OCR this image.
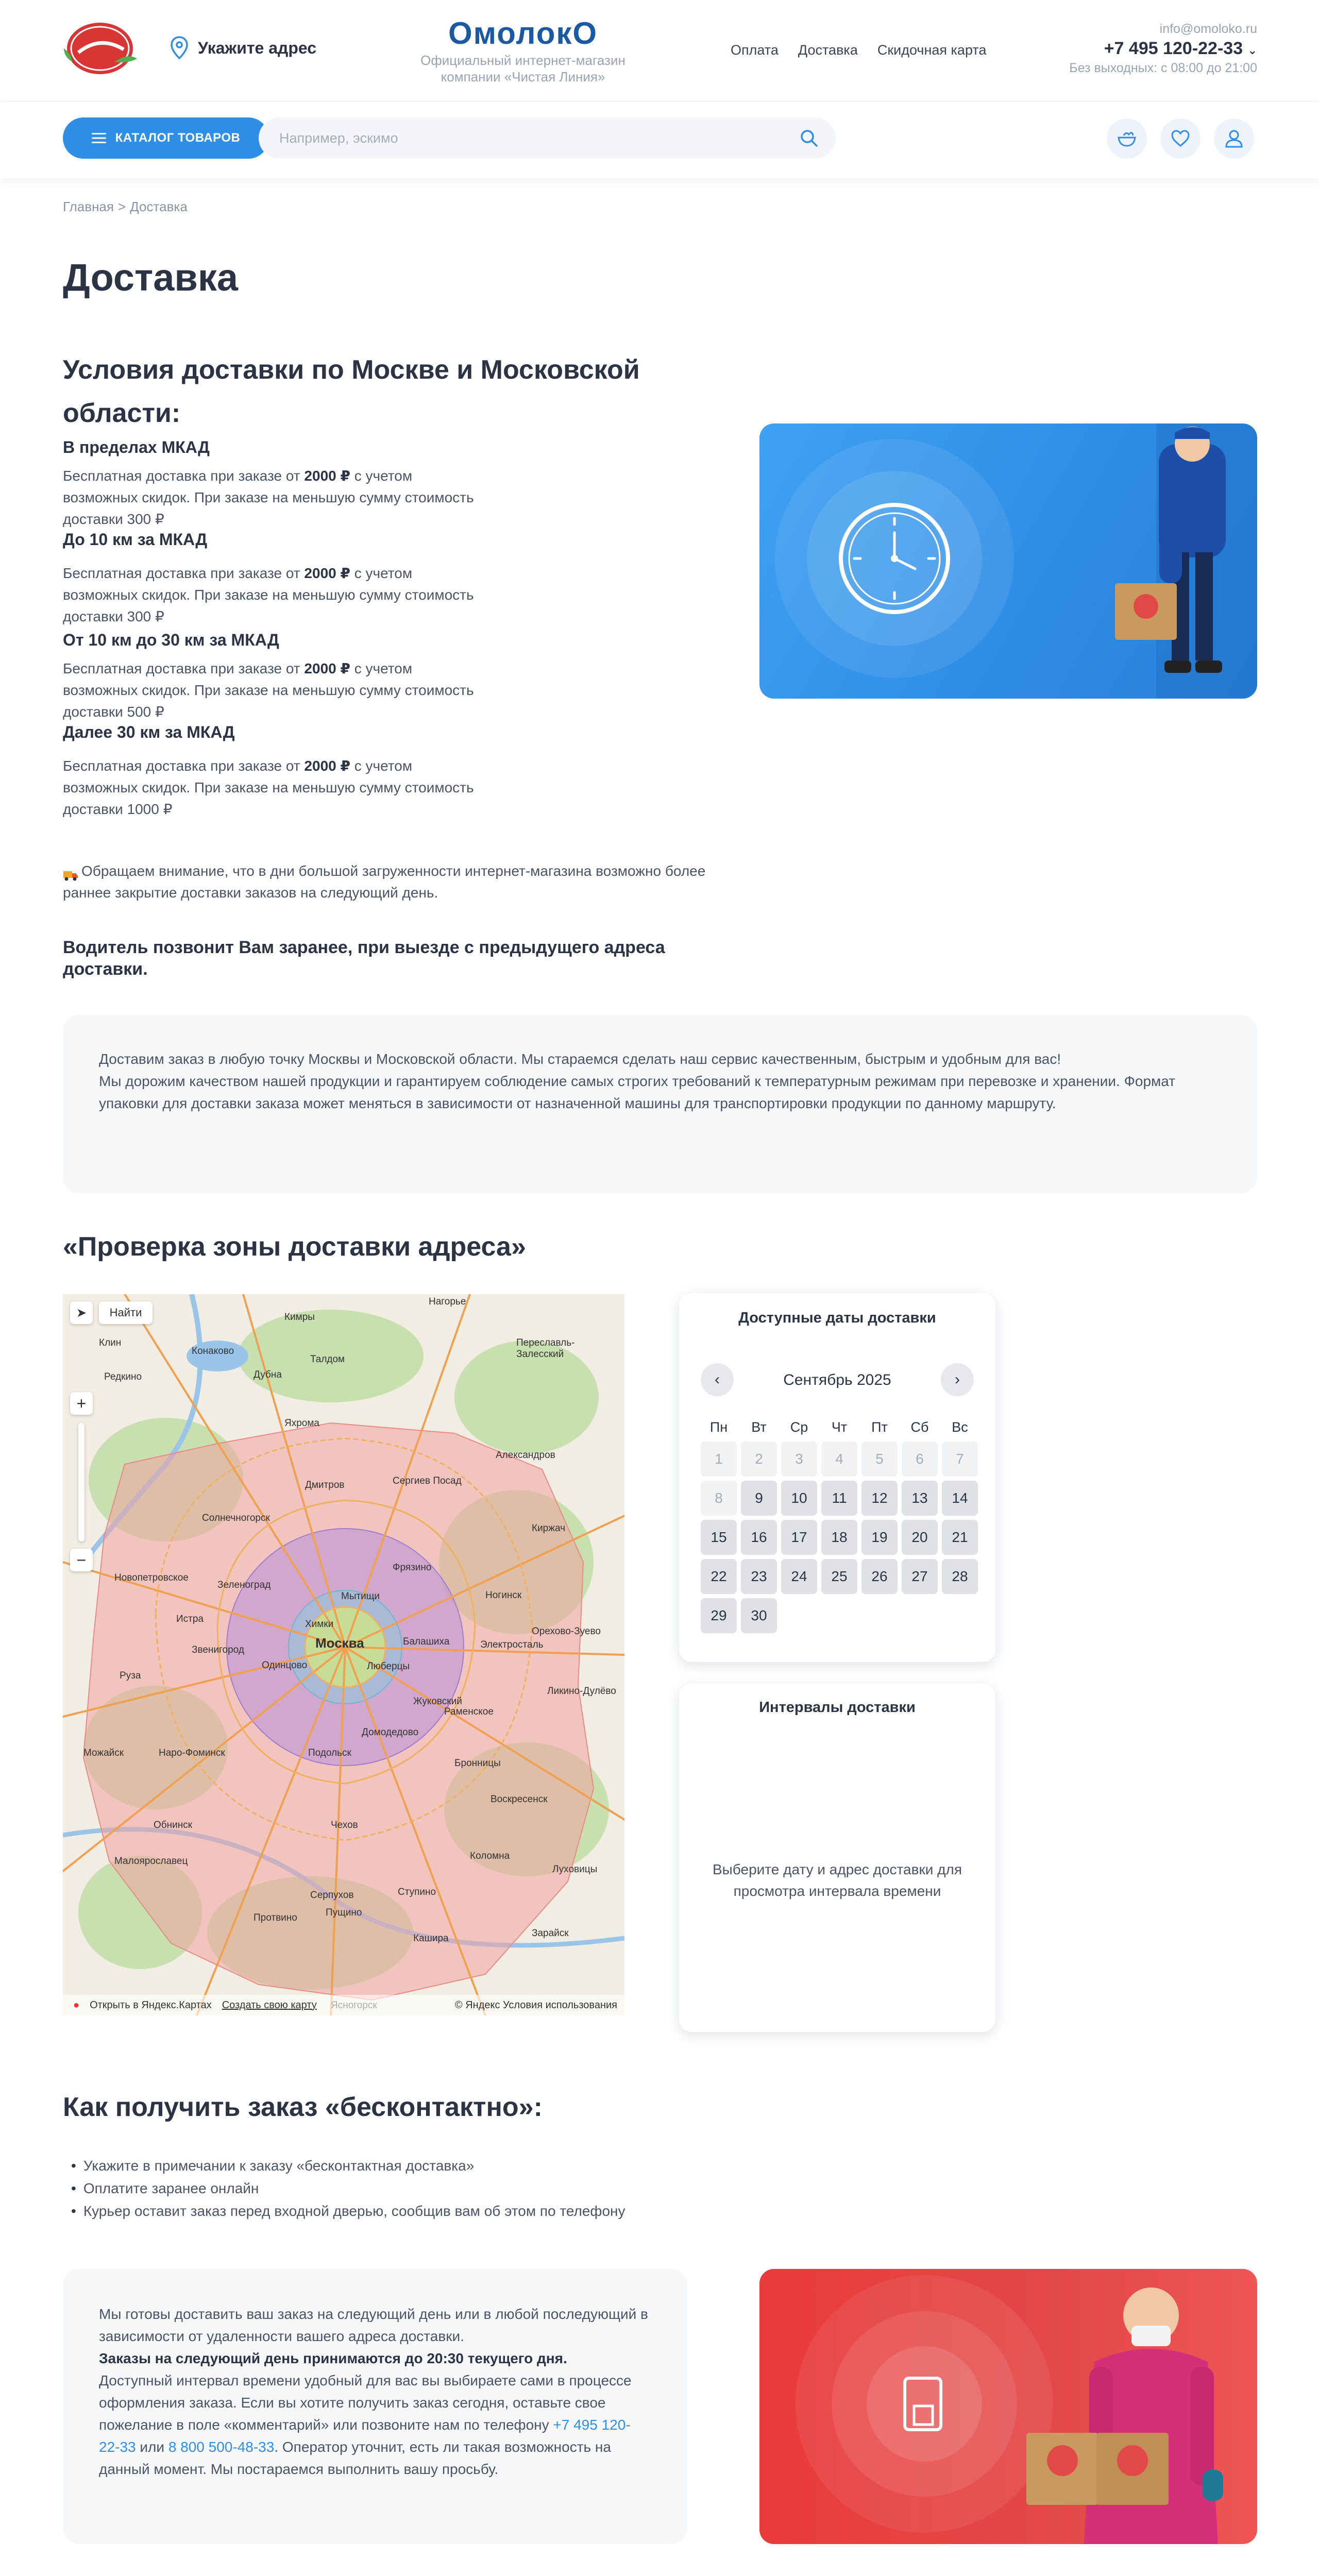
Укажите адрес	ОмолокО
Официальный интернет-магазин компании «Чистая Линия»
Оплата Доставка Скидочная карта
info@omoloko.ru
+7 495 120-22-33 ⌄
Без выходных: с 08:00 до 21:00
КАТАЛОГ ТОВАРОВ
Например, эскимо
Главная > Доставка
Доставка
Условия доставки по Москве и Московской области:
В пределах МКАД
Бесплатная доставка при заказе от 2000 ₽ с учетом возможных скидок. При заказе на меньшую сумму стоимость доставки 300 ₽
До 10 км за МКАД
Бесплатная доставка при заказе от 2000 ₽ с учетом возможных скидок. При заказе на меньшую сумму стоимость доставки 300 ₽
От 10 км до 30 км за МКАД
Бесплатная доставка при заказе от 2000 ₽ с учетом возможных скидок. При заказе на меньшую сумму стоимость доставки 500 ₽
Далее 30 км за МКАД
Бесплатная доставка при заказе от 2000 ₽ с учетом возможных скидок. При заказе на меньшую сумму стоимость доставки 1000 ₽
Обращаем внимание, что в дни большой загруженности интернет-магазина возможно более раннее закрытие доставки заказов на следующий день.
Водитель позвонит Вам заранее, при выезде с предыдущего адреса доставки.
Доставим заказ в любую точку Москвы и Московской области. Мы стараемся сделать наш сервис качественным, быстрым и удобным для вас!
Мы дорожим качеством нашей продукции и гарантируем соблюдение самых строгих требований к температурным режимам при перевозке и хранении. Формат упаковки для доставки заказа может меняться в зависимости от назначенной машины для транспортировки продукции по данному маршруту.
«Проверка зоны доставки адреса»
➤	Найти
+
−
Москва
Клин
Нагорье
Переславль-Залесский
Кимры
Редкино
Талдом
Дубна
Конаково
Дмитров	Сергиев Посад
Александров
Солнечногорск
Киржач
Зеленоград
Мытищи
Химки
Балашиха
Ногинск
Орехово-Зуево
Электросталь
Одинцово	Люберцы
Подольск
Раменское
Наро-Фоминск
Домодедово
Обнинск
Малоярославец
Протвино
Серпухов	Ступино
Коломна
Луховицы
Зарайск
Пущино
Кашира
Истра
Руза
Можайск
Бронницы
Воскресенск
Ликино-Дулёво
Яхрома
Звенигород
Новопетровское
Чехов
Жуковский
Фрязино
● Открыть в Яндекс.Картах Создать свою карту	© Яндекс Условия использования
Доступные даты доставки
‹	Сентябрь 2025	›
Пн	Вт	Ср	Чт	Пт	Сб	Вс
1	2	3	4	5	6	7
8	9	10	11	12	13	14
15	16	17	18	19	20	21
22	23	24	25	26	27	28
29	30
Интервалы доставки
Выберите дату и адрес доставки для просмотра интервала времени
Как получить заказ «бесконтактно»:
• Укажите в примечании к заказу «бесконтактная доставка»
• Оплатите заранее онлайн
• Курьер оставит заказ перед входной дверью, сообщив вам об этом по телефону
Мы готовы доставить ваш заказ на следующий день или в любой последующий в зависимости от удаленности вашего адреса доставки.
Заказы на следующий день принимаются до 20:30 текущего дня.
Доступный интервал времени удобный для вас вы выбираете сами в процессе оформления заказа. Если вы хотите получить заказ сегодня, оставьте свое пожелание в поле «комментарий» или позвоните нам по телефону +7 495 120-22-33 или 8 800 500-48-33. Оператор уточнит, есть ли такая возможность на данный момент. Мы постараемся выполнить вашу просьбу.
